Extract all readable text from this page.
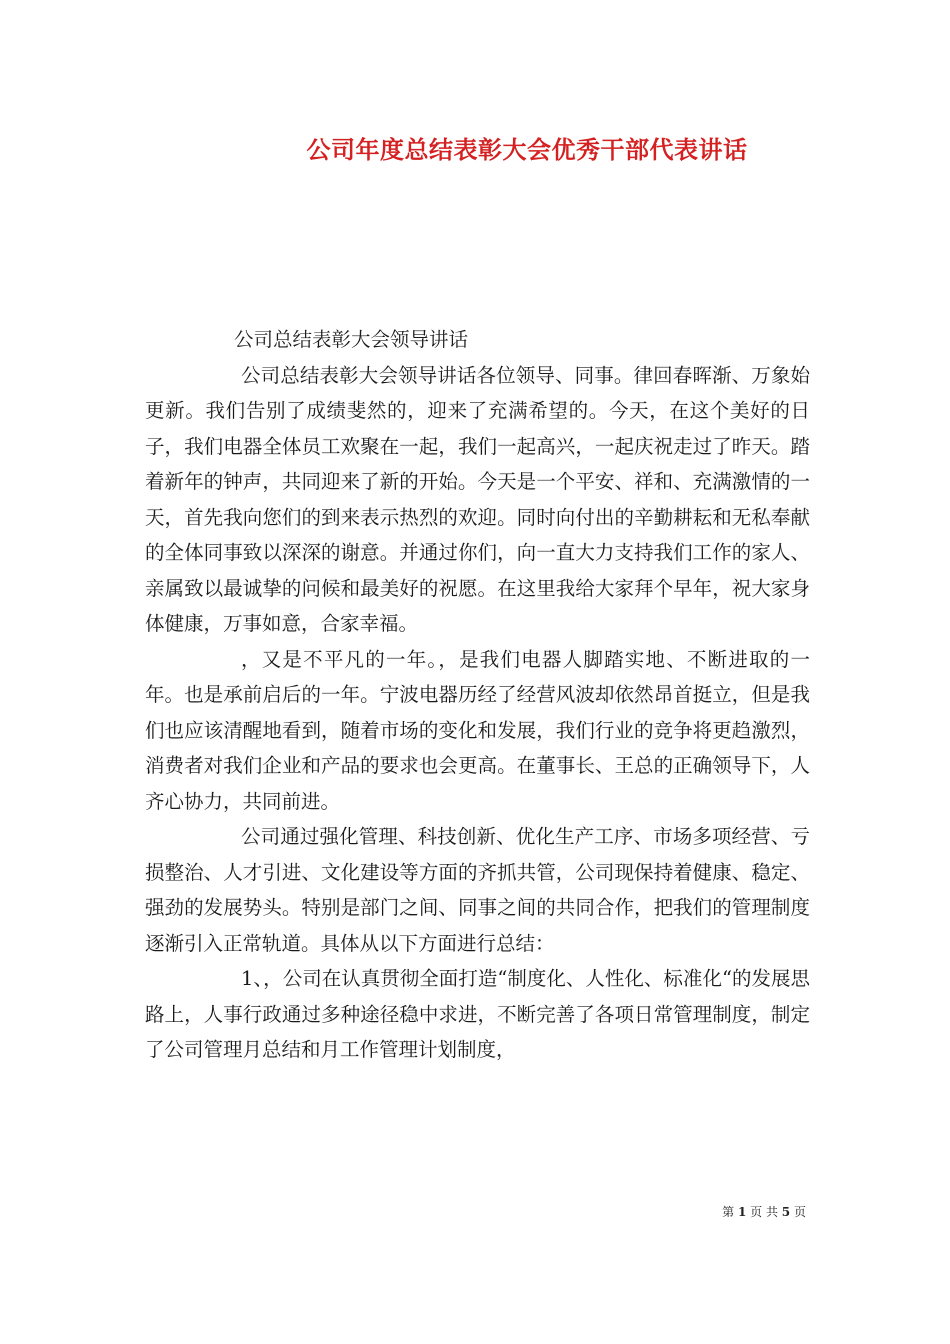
公司年度总结表彰大会优秀干部代表讲话

公司总结表彰大会领导讲话

公司总结表彰大会领导讲话各位领导、同事。律回春晖渐、万象始更新。我们告别了成绩斐然的，迎来了充满希望的。今天，在这个美好的日子，我们电器全体员工欢聚在一起，我们一起高兴，一起庆祝走过了昨天。踏着新年的钟声，共同迎来了新的开始。今天是一个平安、祥和、充满激情的一天，首先我向您们的到来表示热烈的欢迎。同时向付出的辛勤耕耘和无私奉献的全体同事致以深深的谢意。并通过你们，向一直大力支持我们工作的家人、亲属致以最诚挚的问候和最美好的祝愿。在这里我给大家拜个早年，祝大家身体健康，万事如意，合家幸福。

，又是不平凡的一年。，是我们电器人脚踏实地、不断进取的一年。也是承前启后的一年。宁波电器历经了经营风波却依然昂首挺立，但是我们也应该清醒地看到，随着市场的变化和发展，我们行业的竞争将更趋激烈，消费者对我们企业和产品的要求也会更高。在董事长、王总的正确领导下，人齐心协力，共同前进。

公司通过强化管理、科技创新、优化生产工序、市场多项经营、亏损整治、人才引进、文化建设等方面的齐抓共管，公司现保持着健康、稳定、强劲的发展势头。特别是部门之间、同事之间的共同合作，把我们的管理制度逐渐引入正常轨道。具体从以下方面进行总结：

1、，公司在认真贯彻全面打造“制度化、人性化、标准化“的发展思路上，人事行政通过多种途径稳中求进，不断完善了各项日常管理制度，制定了公司管理月总结和月工作管理计划制度，

第 1 页 共 5 页
